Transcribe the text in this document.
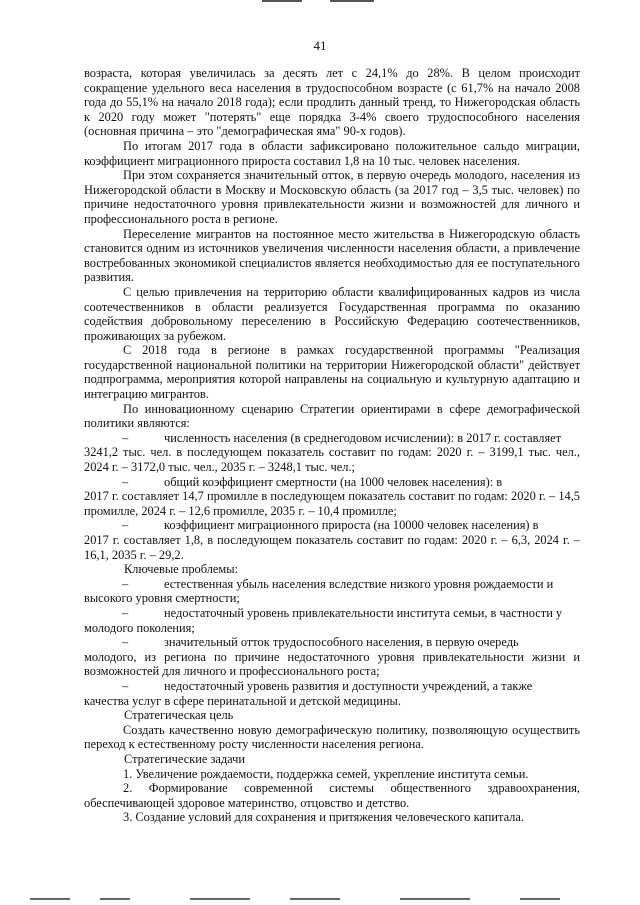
41

возраста, которая увеличилась за десять лет с 24,1% до 28%. В целом происходит сокращение удельного веса населения в трудоспособном возрасте (с 61,7% на начало 2008 года до 55,1% на начало 2018 года); если продлить данный тренд, то Нижегородская область к 2020 году может "потерять" еще порядка 3-4% своего трудоспособного населения (основная причина – это "демографическая яма" 90-х годов).

По итогам 2017 года в области зафиксировано положительное сальдо миграции, коэффициент миграционного прироста составил 1,8 на 10 тыс. человек населения.

При этом сохраняется значительный отток, в первую очередь молодого, населения из Нижегородской области в Москву и Московскую область (за 2017 год – 3,5 тыс. человек) по причине недостаточного уровня привлекательности жизни и возможностей для личного и профессионального роста в регионе.

Переселение мигрантов на постоянное место жительства в Нижегородскую область становится одним из источников увеличения численности населения области, а привлечение востребованных экономикой специалистов является необходимостью для ее поступательного развития.

С целью привлечения на территорию области квалифицированных кадров из числа соотечественников в области реализуется Государственная программа по оказанию содействия добровольному переселению в Российскую Федерацию соотечественников, проживающих за рубежом.

С 2018 года в регионе в рамках государственной программы "Реализация государственной национальной политики на территории Нижегородской области" действует подпрограмма, мероприятия которой направлены на социальную и культурную адаптацию и интеграцию мигрантов.

По инновационному сценарию Стратегии ориентирами в сфере демографической политики являются:

–	численность населения (в среднегодовом исчислении): в 2017 г. составляет

3241,2 тыс. чел. в последующем показатель составит по годам: 2020 г. – 3199,1 тыс. чел., 2024 г. – 3172,0 тыс. чел., 2035 г. – 3248,1 тыс. чел.;

–	общий коэффициент смертности (на 1000 человек населения): в

2017 г. составляет 14,7 промилле в последующем показатель составит по годам: 2020 г. – 14,5 промилле, 2024 г. – 12,6 промилле, 2035 г. – 10,4 промилле;

–	коэффициент миграционного прироста (на 10000 человек населения) в

2017 г. составляет 1,8, в последующем показатель составит по годам: 2020 г. – 6,3, 2024 г. – 16,1, 2035 г. – 29,2.

Ключевые проблемы:

–	естественная убыль населения вследствие низкого уровня рождаемости и

высокого уровня смертности;

–	недостаточный уровень привлекательности института семьи, в частности у

молодого поколения;

–	значительный отток трудоспособного населения, в первую очередь

молодого, из региона по причине недостаточного уровня привлекательности жизни и возможностей для личного и профессионального роста;

–	недостаточный уровень развития и доступности учреждений, а также

качества услуг в сфере перинатальной и детской медицины.

Стратегическая цель

Создать качественно новую демографическую политику, позволяющую осуществить переход к естественному росту численности населения региона.

Стратегические задачи

1. Увеличение рождаемости, поддержка семей, укрепление института семьи.

2. Формирование современной системы общественного здравоохранения, обеспечивающей здоровое материнство, отцовство и детство.

3. Создание условий для сохранения и притяжения человеческого капитала.
